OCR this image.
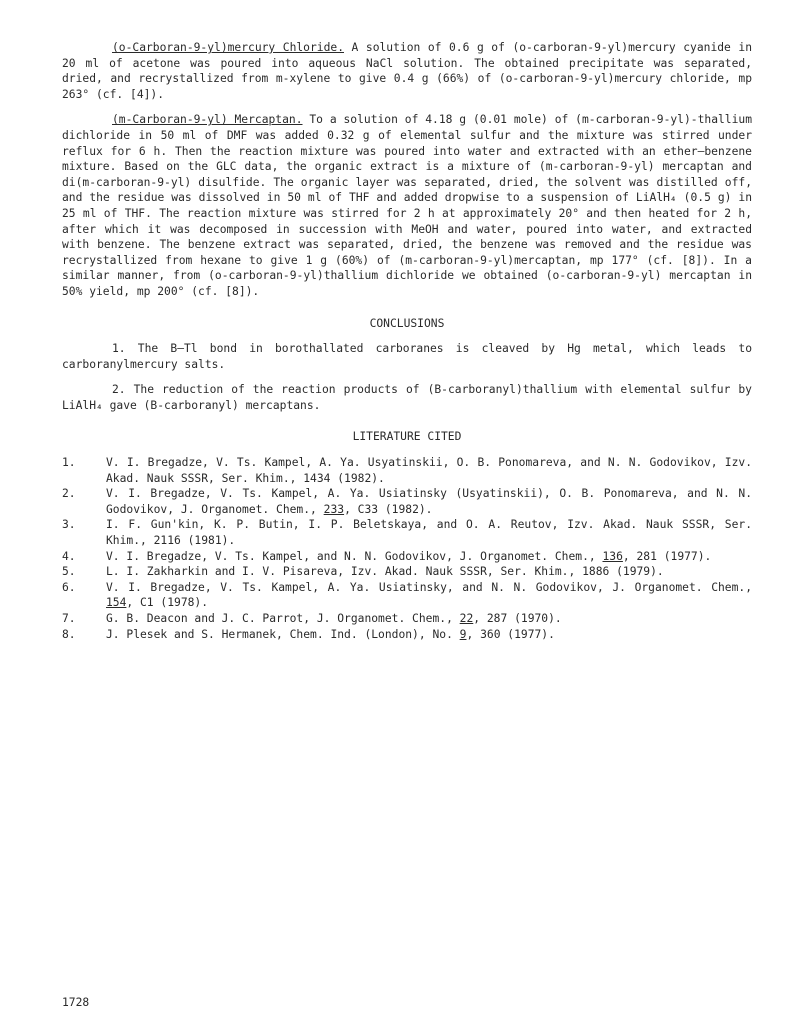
(o-Carboran-9-yl)mercury Chloride. A solution of 0.6 g of (o-carboran-9-yl)mercury cyanide in 20 ml of acetone was poured into aqueous NaCl solution. The obtained precipitate was separated, dried, and recrystallized from m-xylene to give 0.4 g (66%) of (o-carboran-9-yl)mercury chloride, mp 263° (cf. [4]).

(m-Carboran-9-yl) Mercaptan. To a solution of 4.18 g (0.01 mole) of (m-carboran-9-yl)-thallium dichloride in 50 ml of DMF was added 0.32 g of elemental sulfur and the mixture was stirred under reflux for 6 h. Then the reaction mixture was poured into water and extracted with an ether–benzene mixture. Based on the GLC data, the organic extract is a mixture of (m-carboran-9-yl) mercaptan and di(m-carboran-9-yl) disulfide. The organic layer was separated, dried, the solvent was distilled off, and the residue was dissolved in 50 ml of THF and added dropwise to a suspension of LiAlH₄ (0.5 g) in 25 ml of THF. The reaction mixture was stirred for 2 h at approximately 20° and then heated for 2 h, after which it was decomposed in succession with MeOH and water, poured into water, and extracted with benzene. The benzene extract was separated, dried, the benzene was removed and the residue was recrystallized from hexane to give 1 g (60%) of (m-carboran-9-yl)mercaptan, mp 177° (cf. [8]). In a similar manner, from (o-carboran-9-yl)thallium dichloride we obtained (o-carboran-9-yl) mercaptan in 50% yield, mp 200° (cf. [8]).

CONCLUSIONS

1. The B–Tl bond in borothallated carboranes is cleaved by Hg metal, which leads to carboranylmercury salts.

2. The reduction of the reaction products of (B-carboranyl)thallium with elemental sulfur by LiAlH₄ gave (B-carboranyl) mercaptans.

LITERATURE CITED
1.	V. I. Bregadze, V. Ts. Kampel, A. Ya. Usyatinskii, O. B. Ponomareva, and N. N. Godovikov, Izv. Akad. Nauk SSSR, Ser. Khim., 1434 (1982).
2.	V. I. Bregadze, V. Ts. Kampel, A. Ya. Usiatinsky (Usyatinskii), O. B. Ponomareva, and N. N. Godovikov, J. Organomet. Chem., 233, C33 (1982).
3.	I. F. Gun'kin, K. P. Butin, I. P. Beletskaya, and O. A. Reutov, Izv. Akad. Nauk SSSR, Ser. Khim., 2116 (1981).
4.	V. I. Bregadze, V. Ts. Kampel, and N. N. Godovikov, J. Organomet. Chem., 136, 281 (1977).
5.	L. I. Zakharkin and I. V. Pisareva, Izv. Akad. Nauk SSSR, Ser. Khim., 1886 (1979).
6.	V. I. Bregadze, V. Ts. Kampel, A. Ya. Usiatinsky, and N. N. Godovikov, J. Organomet. Chem., 154, C1 (1978).
7.	G. B. Deacon and J. C. Parrot, J. Organomet. Chem., 22, 287 (1970).
8.	J. Plesek and S. Hermanek, Chem. Ind. (London), No. 9, 360 (1977).
1728
